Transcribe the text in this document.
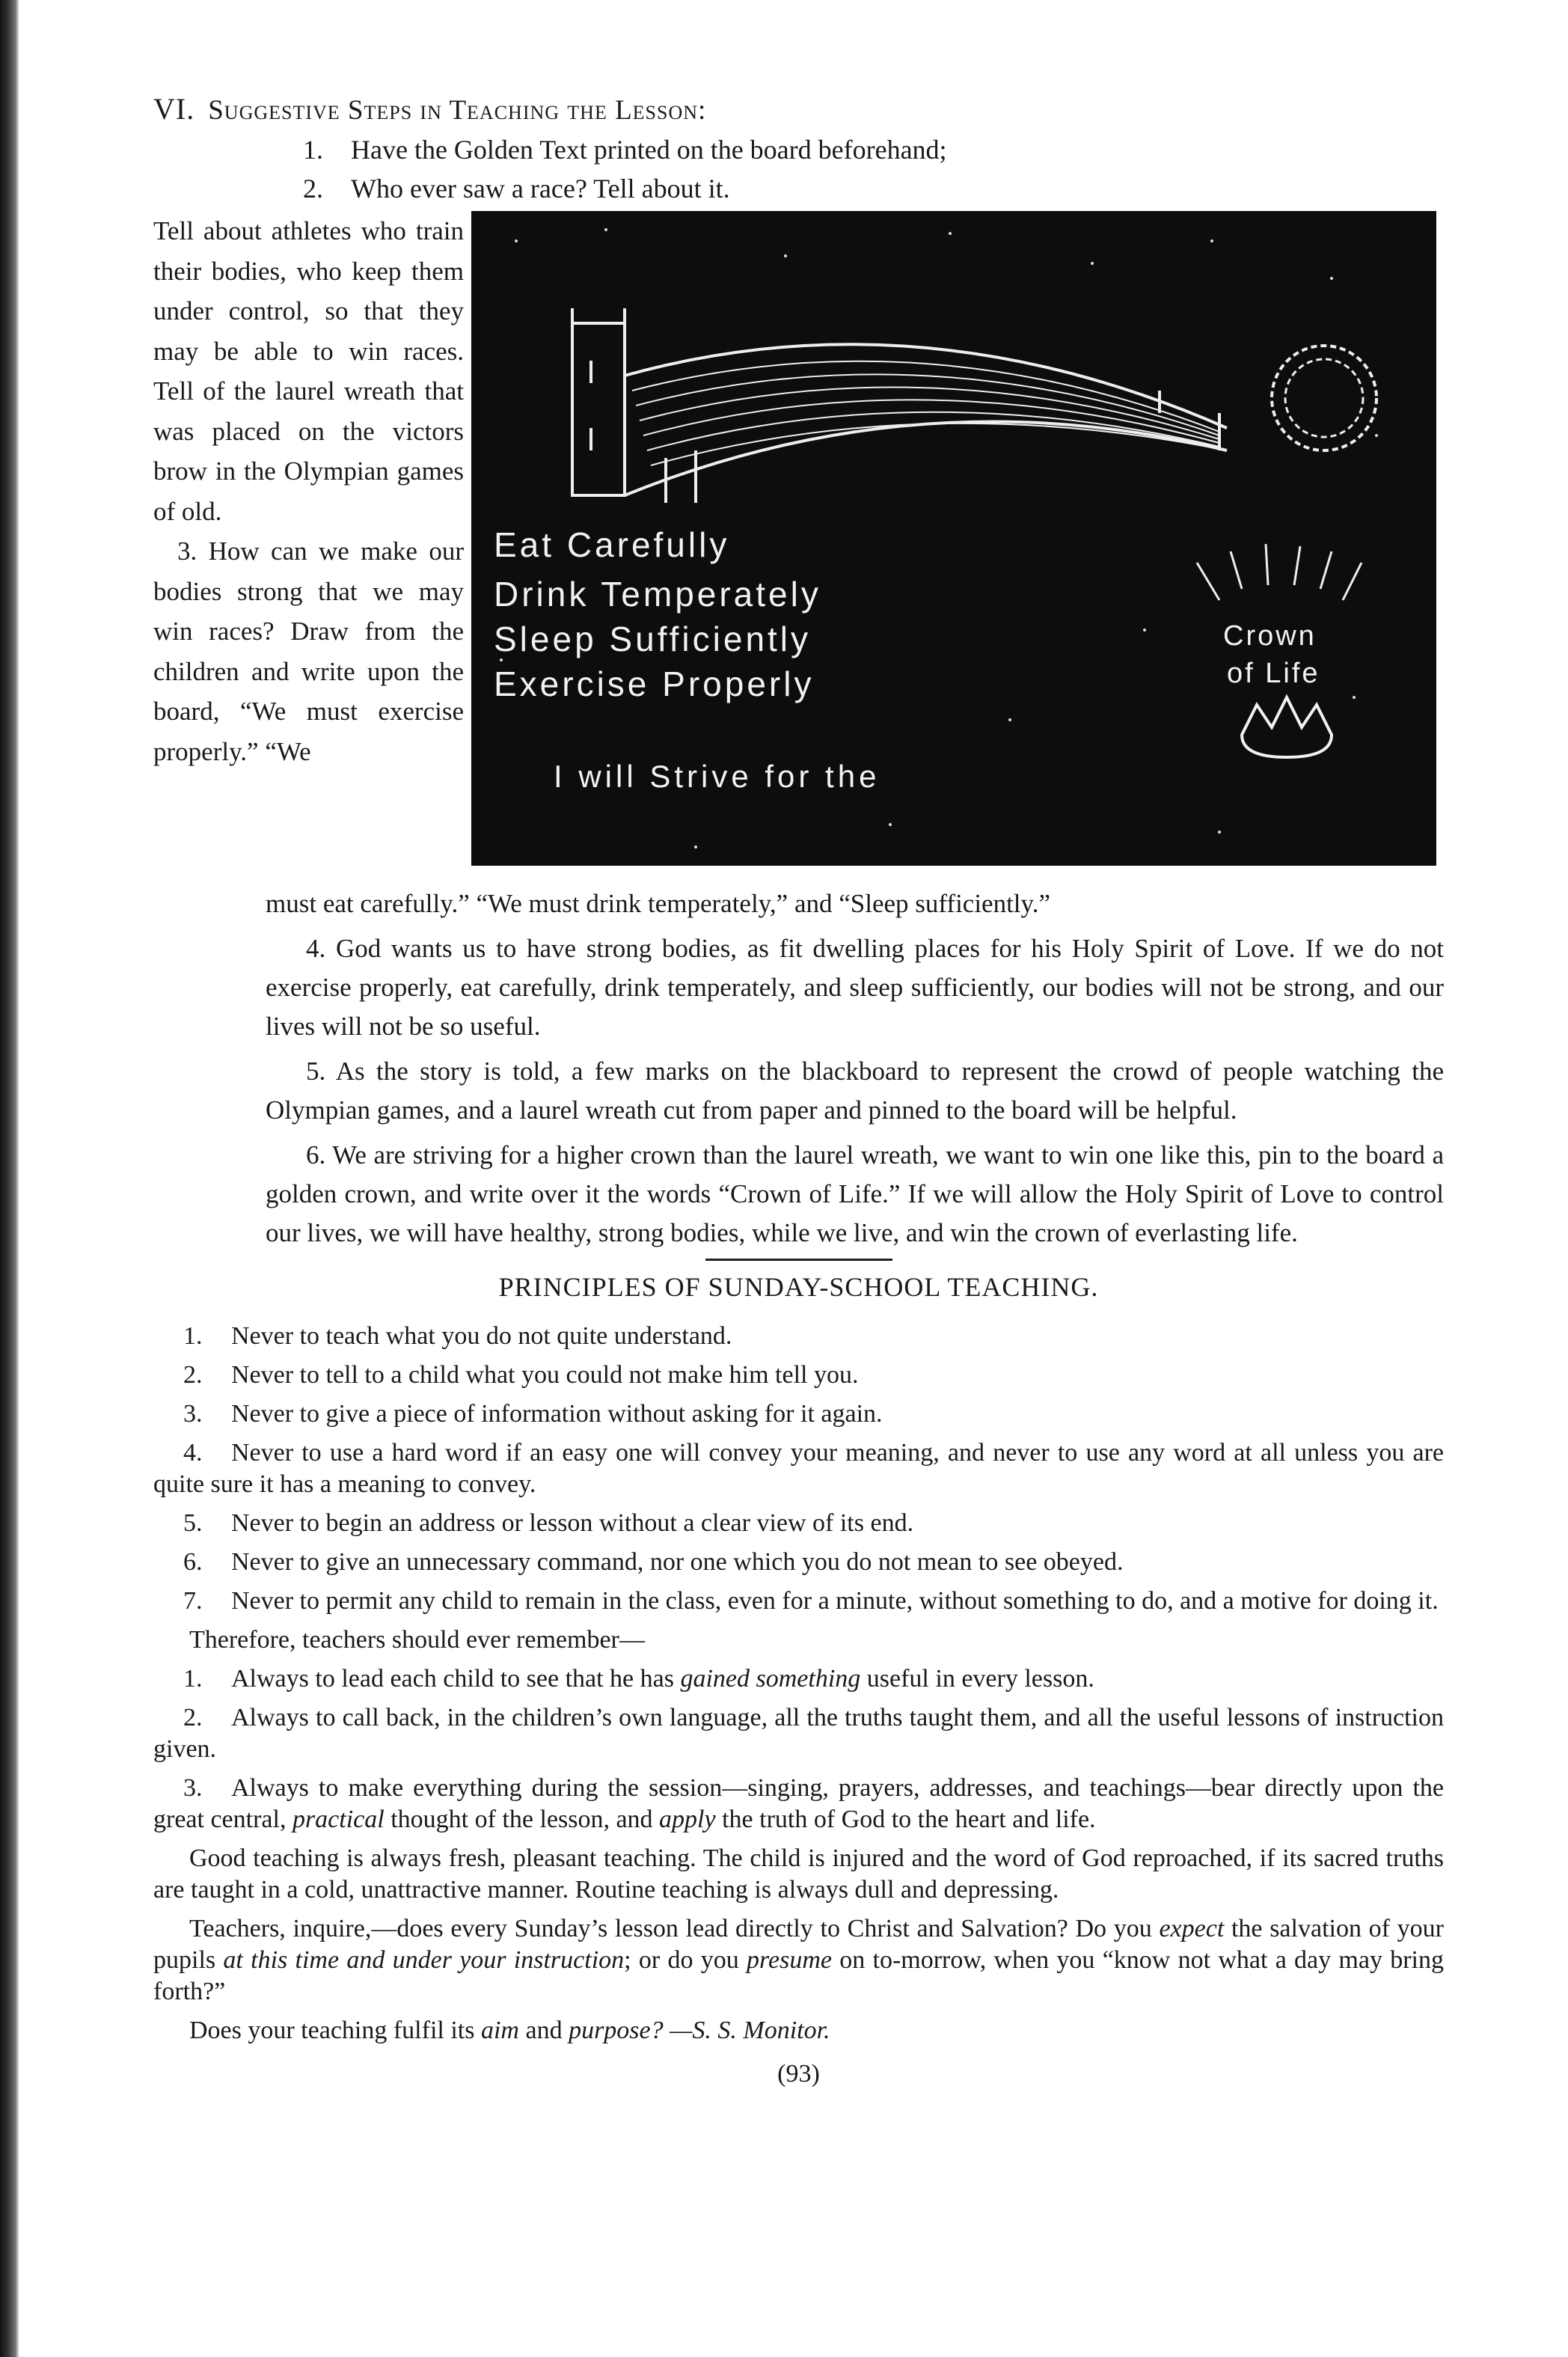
VI. Suggestive Steps in Teaching the Lesson:
1. Have the Golden Text printed on the board beforehand;
2. Who ever saw a race? Tell about it.

Tell about athletes who train their bodies, who keep them under control, so that they may be able to win races. Tell of the laurel wreath that was placed on the victors brow in the Olympian games of old.

3. How can we make our bodies strong that we may win races? Draw from the children and write upon the board, “We must exercise properly.” “We

Eat Carefully
Drink Temperately
Sleep Sufficiently
Exercise Properly
Crown
of Life
I will Strive for the

must eat carefully.” “We must drink temperately,” and “Sleep sufficiently.”

4. God wants us to have strong bodies, as fit dwelling places for his Holy Spirit of Love. If we do not exercise properly, eat carefully, drink temperately, and sleep sufficiently, our bodies will not be strong, and our lives will not be so useful.

5. As the story is told, a few marks on the blackboard to represent the crowd of people watching the Olympian games, and a laurel wreath cut from paper and pinned to the board will be helpful.

6. We are striving for a higher crown than the laurel wreath, we want to win one like this, pin to the board a golden crown, and write over it the words “Crown of Life.” If we will allow the Holy Spirit of Love to control our lives, we will have healthy, strong bodies, while we live, and win the crown of everlasting life.

PRINCIPLES OF SUNDAY-SCHOOL TEACHING.

1. Never to teach what you do not quite understand.

2. Never to tell to a child what you could not make him tell you.

3. Never to give a piece of information without asking for it again.

4. Never to use a hard word if an easy one will convey your meaning, and never to use any word at all unless you are quite sure it has a meaning to convey.

5. Never to begin an address or lesson without a clear view of its end.

6. Never to give an unnecessary command, nor one which you do not mean to see obeyed.

7. Never to permit any child to remain in the class, even for a minute, without something to do, and a motive for doing it.

Therefore, teachers should ever remember—

1. Always to lead each child to see that he has gained something useful in every lesson.

2. Always to call back, in the children’s own language, all the truths taught them, and all the useful lessons of instruction given.

3. Always to make everything during the session—singing, prayers, addresses, and teachings—bear directly upon the great central, practical thought of the lesson, and apply the truth of God to the heart and life.

Good teaching is always fresh, pleasant teaching. The child is injured and the word of God reproached, if its sacred truths are taught in a cold, unattractive manner. Routine teaching is always dull and depressing.

Teachers, inquire,—does every Sunday’s lesson lead directly to Christ and Salvation? Do you expect the salvation of your pupils at this time and under your instruction; or do you presume on to-morrow, when you “know not what a day may bring forth?”

Does your teaching fulfil its aim and purpose? —S. S. Monitor.

(93)
